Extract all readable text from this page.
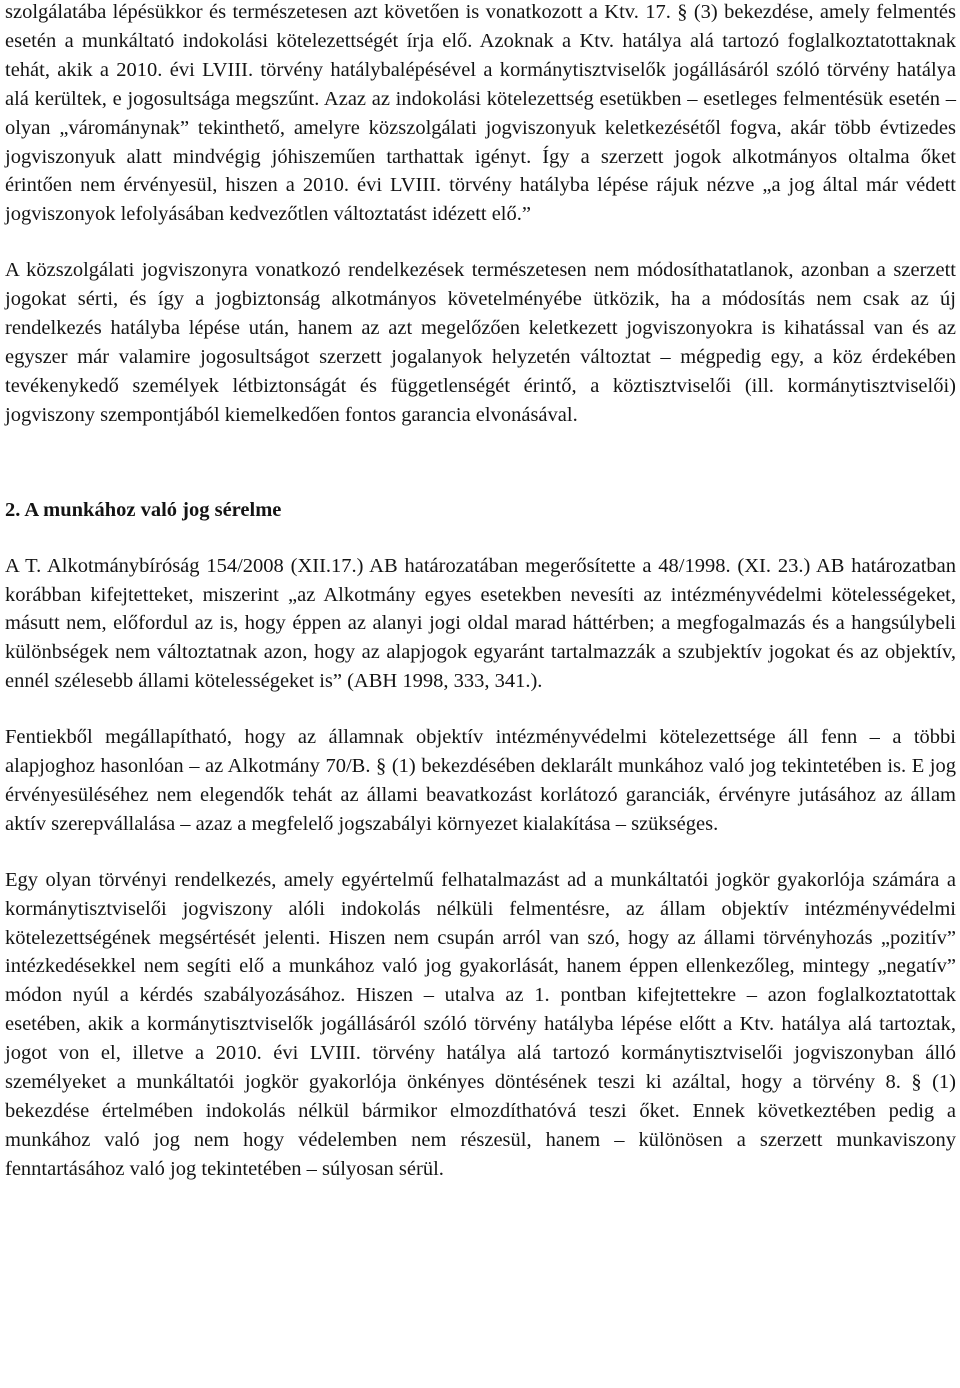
szolgálatába lépésükkor és természetesen azt követően is vonatkozott a Ktv. 17. § (3) bekezdése, amely felmentés esetén a munkáltató indokolási kötelezettségét írja elő. Azoknak a Ktv. hatálya alá tartozó foglalkoztatottaknak tehát, akik a 2010. évi LVIII. törvény hatálybalépésével a kormánytisztviselők jogállásáról szóló törvény hatálya alá kerültek, e jogosultsága megszűnt. Azaz az indokolási kötelezettség esetükben – esetleges felmentésük esetén – olyan „várománynak” tekinthető, amelyre közszolgálati jogviszonyuk keletkezésétől fogva, akár több évtizedes jogviszonyuk alatt mindvégig jóhiszeműen tarthattak igényt. Így a szerzett jogok alkotmányos oltalma őket érintően nem érvényesül, hiszen a 2010. évi LVIII. törvény hatályba lépése rájuk nézve „a jog által már védett jogviszonyok lefolyásában kedvezőtlen változtatást idézett elő.”

A közszolgálati jogviszonyra vonatkozó rendelkezések természetesen nem módosíthatatlanok, azonban a szerzett jogokat sérti, és így a jogbiztonság alkotmányos követelményébe ütközik, ha a módosítás nem csak az új rendelkezés hatályba lépése után, hanem az azt megelőzően keletkezett jogviszonyokra is kihatással van és az egyszer már valamire jogosultságot szerzett jogalanyok helyzetén változtat – mégpedig egy, a köz érdekében tevékenykedő személyek létbiztonságát és függetlenségét érintő, a köztisztviselői (ill. kormánytisztviselői) jogviszony szempontjából kiemelkedően fontos garancia elvonásával.

2. A munkához való jog sérelme

A T. Alkotmánybíróság 154/2008 (XII.17.) AB határozatában megerősítette a 48/1998. (XI. 23.) AB határozatban korábban kifejtetteket, miszerint „az Alkotmány egyes esetekben nevesíti az intézményvédelmi kötelességeket, másutt nem, előfordul az is, hogy éppen az alanyi jogi oldal marad háttérben; a megfogalmazás és a hangsúlybeli különbségek nem változtatnak azon, hogy az alapjogok egyaránt tartalmazzák a szubjektív jogokat és az objektív, ennél szélesebb állami kötelességeket is” (ABH 1998, 333, 341.).

Fentiekből megállapítható, hogy az államnak objektív intézményvédelmi kötelezettsége áll fenn – a többi alapjoghoz hasonlóan – az Alkotmány 70/B. § (1) bekezdésében deklarált munkához való jog tekintetében is. E jog érvényesüléséhez nem elegendők tehát az állami beavatkozást korlátozó garanciák, érvényre jutásához az állam aktív szerepvállalása – azaz a megfelelő jogszabályi környezet kialakítása – szükséges.

Egy olyan törvényi rendelkezés, amely egyértelmű felhatalmazást ad a munkáltatói jogkör gyakorlója számára a kormánytisztviselői jogviszony alóli indokolás nélküli felmentésre, az állam objektív intézményvédelmi kötelezettségének megsértését jelenti. Hiszen nem csupán arról van szó, hogy az állami törvényhozás „pozitív” intézkedésekkel nem segíti elő a munkához való jog gyakorlását, hanem éppen ellenkezőleg, mintegy „negatív” módon nyúl a kérdés szabályozásához. Hiszen – utalva az 1. pontban kifejtettekre – azon foglalkoztatottak esetében, akik a kormánytisztviselők jogállásáról szóló törvény hatályba lépése előtt a Ktv. hatálya alá tartoztak, jogot von el, illetve a 2010. évi LVIII. törvény hatálya alá tartozó kormánytisztviselői jogviszonyban álló személyeket a munkáltatói jogkör gyakorlója önkényes döntésének teszi ki azáltal, hogy a törvény 8. § (1) bekezdése értelmében indokolás nélkül bármikor elmozdíthatóvá teszi őket. Ennek következtében pedig a munkához való jog nem hogy védelemben nem részesül, hanem – különösen a szerzett munkaviszony fenntartásához való jog tekintetében – súlyosan sérül.
